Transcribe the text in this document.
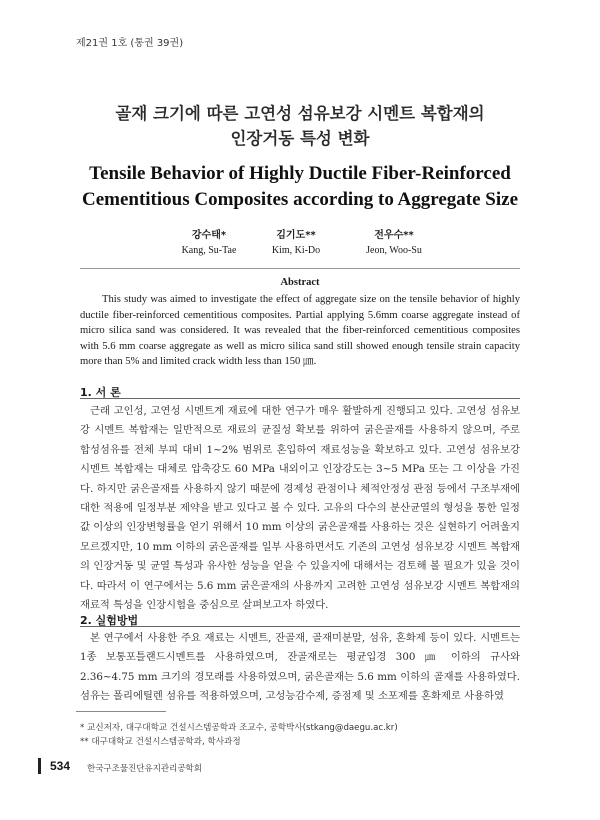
제21권 1호 (통권 39권)
골재 크기에 따른 고연성 섬유보강 시멘트 복합재의
인장거동 특성 변화
Tensile Behavior of Highly Ductile Fiber-Reinforced
Cementitious Composites according to Aggregate Size
강수태*
Kang, Su-Tae
김기도**
Kim, Ki-Do
전우수**
Jeon, Woo-Su
Abstract

This study was aimed to investigate the effect of aggregate size on the tensile behavior of highly ductile fiber-reinforced cementitious composites. Partial applying 5.6mm coarse aggregate instead of micro silica sand was considered. It was revealed that the fiber-reinforced cementitious composites with 5.6 mm coarse aggregate as well as micro silica sand still showed enough tensile strain capacity more than 5% and limited crack width less than 150 ㎛.

1. 서 론

근래 고인성, 고연성 시멘트계 재료에 대한 연구가 매우 활발하게 진행되고 있다. 고연성 섬유보강 시멘트 복합재는 일반적으로 재료의 균질성 확보를 위하여 굵은골재를 사용하지 않으며, 주로 합성섬유를 전체 부피 대비 1~2% 범위로 혼입하여 재료성능을 확보하고 있다. 고연성 섬유보강 시멘트 복합재는 대체로 압축강도 60 MPa 내외이고 인장강도는 3~5 MPa 또는 그 이상을 가진다. 하지만 굵은골재를 사용하지 않기 때문에 경제성 관점이나 체적안정성 관점 등에서 구조부재에 대한 적용에 일정부분 제약을 받고 있다고 볼 수 있다. 고유의 다수의 분산균열의 형성을 통한 일정값 이상의 인장변형률을 얻기 위해서 10 mm 이상의 굵은골재를 사용하는 것은 실현하기 어려울지 모르겠지만, 10 mm 이하의 굵은골재를 일부 사용하면서도 기존의 고연성 섬유보강 시멘트 복합재의 인장거동 및 균열 특성과 유사한 성능을 얻을 수 있을지에 대해서는 검토해 볼 필요가 있을 것이다. 따라서 이 연구에서는 5.6 mm 굵은골재의 사용까지 고려한 고연성 섬유보강 시멘트 복합재의 재료적 특성을 인장시험을 중심으로 살펴보고자 하였다.

2. 실험방법

본 연구에서 사용한 주요 재료는 시멘트, 잔골재, 골재미분말, 섬유, 혼화제 등이 있다. 시멘트는 1종 보통포틀랜드시멘트를 사용하였으며, 잔골재로는 평균입경 300 ㎛ 이하의 규사와 2.36~4.75 mm 크기의 경모래를 사용하였으며, 굵은골재는 5.6 mm 이하의 골재를 사용하였다. 섬유는 폴리에틸렌 섬유를 적용하였으며, 고성능감수제, 증점제 및 소포제를 혼화제로 사용하였

* 교신저자, 대구대학교 건설시스템공학과 조교수, 공학박사(stkang@daegu.ac.kr)
** 대구대학교 건설시스템공학과, 학사과정
534 한국구조물진단유지관리공학회
